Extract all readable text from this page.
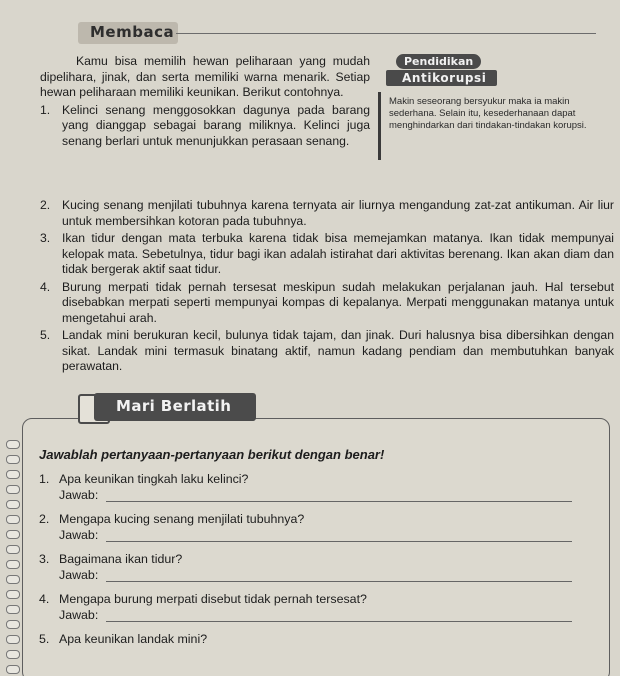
Membaca

Kamu bisa memilih hewan peliharaan yang mudah dipelihara, jinak, dan serta memiliki warna menarik. Setiap hewan peliharaan memiliki keunikan. Berikut contohnya.

1. Kelinci senang menggosokkan dagunya pada barang yang dianggap sebagai barang miliknya. Kelinci juga senang berlari untuk menunjukkan perasaan senang.
Pendidikan
Antikorupsi
Makin seseorang bersyukur maka ia makin sederhana. Selain itu, kesederhanaan dapat menghindarkan dari tindakan-tindakan korupsi.
2. Kucing senang menjilati tubuhnya karena ternyata air liurnya mengandung zat-zat antikuman. Air liur untuk membersihkan kotoran pada tubuhnya.
3. Ikan tidur dengan mata terbuka karena tidak bisa memejamkan matanya. Ikan tidak mempunyai kelopak mata. Sebetulnya, tidur bagi ikan adalah istirahat dari aktivitas berenang. Ikan akan diam dan tidak bergerak aktif saat tidur.
4. Burung merpati tidak pernah tersesat meskipun sudah melakukan perjalanan jauh. Hal tersebut disebabkan merpati seperti mempunyai kompas di kepalanya. Merpati menggunakan matanya untuk mengetahui arah.
5. Landak mini berukuran kecil, bulunya tidak tajam, dan jinak. Duri halusnya bisa dibersihkan dengan sikat. Landak mini termasuk binatang aktif, namun kadang pendiam dan membutuhkan banyak perawatan.
Jawablah pertanyaan-pertanyaan berikut dengan benar!
1. Apa keunikan tingkah laku kelinci?
Jawab:
2. Mengapa kucing senang menjilati tubuhnya?
Jawab:
3. Bagaimana ikan tidur?
Jawab:
4. Mengapa burung merpati disebut tidak pernah tersesat?
Jawab:
5. Apa keunikan landak mini?
Mari Berlatih
